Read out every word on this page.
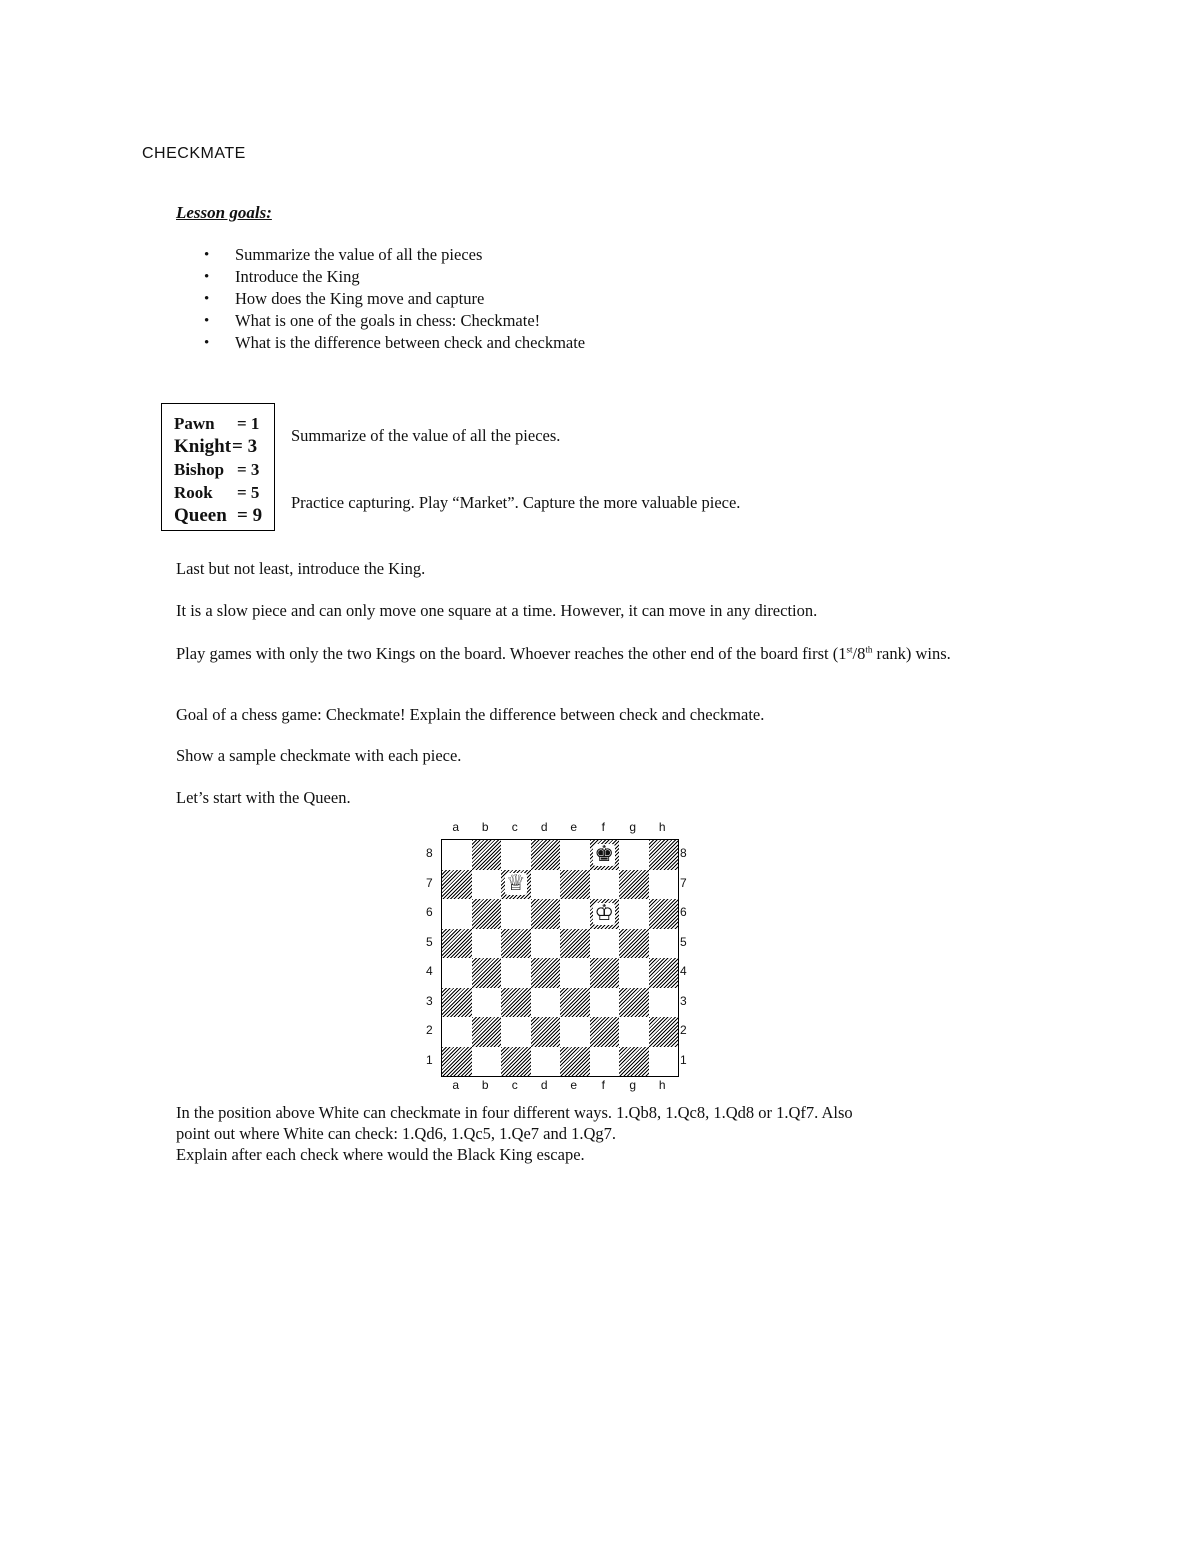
CHECKMATE
Lesson goals:
• Summarize the value of all the pieces
• Introduce the King
• How does the King move and capture
• What is one of the goals in chess: Checkmate!
• What is the difference between check and checkmate
Pawn	= 1
Knight = 3
Bishop = 3
Rook	= 5
Queen = 9
Summarize of the value of all the pieces.
Practice capturing. Play “Market”. Capture the more valuable piece.
Last but not least, introduce the King.
It is a slow piece and can only move one square at a time. However, it can move in any direction.
Play games with only the two Kings on the board. Whoever reaches the other end of the board first (1st/8th rank) wins.
Goal of a chess game: Checkmate! Explain the difference between check and checkmate.
Show a sample checkmate with each piece.
Let’s start with the Queen.
a	b	c	d	e	f	g	h
8
7
6
5
4
3
2
1
♚
♕
♔
8
7
6
5
4
3
2
1
a	b	c	d	e	f	g	h
In the position above White can checkmate in four different ways. 1.Qb8, 1.Qc8, 1.Qd8 or 1.Qf7. Also
point out where White can check: 1.Qd6, 1.Qc5, 1.Qe7 and 1.Qg7.
Explain after each check where would the Black King escape.
